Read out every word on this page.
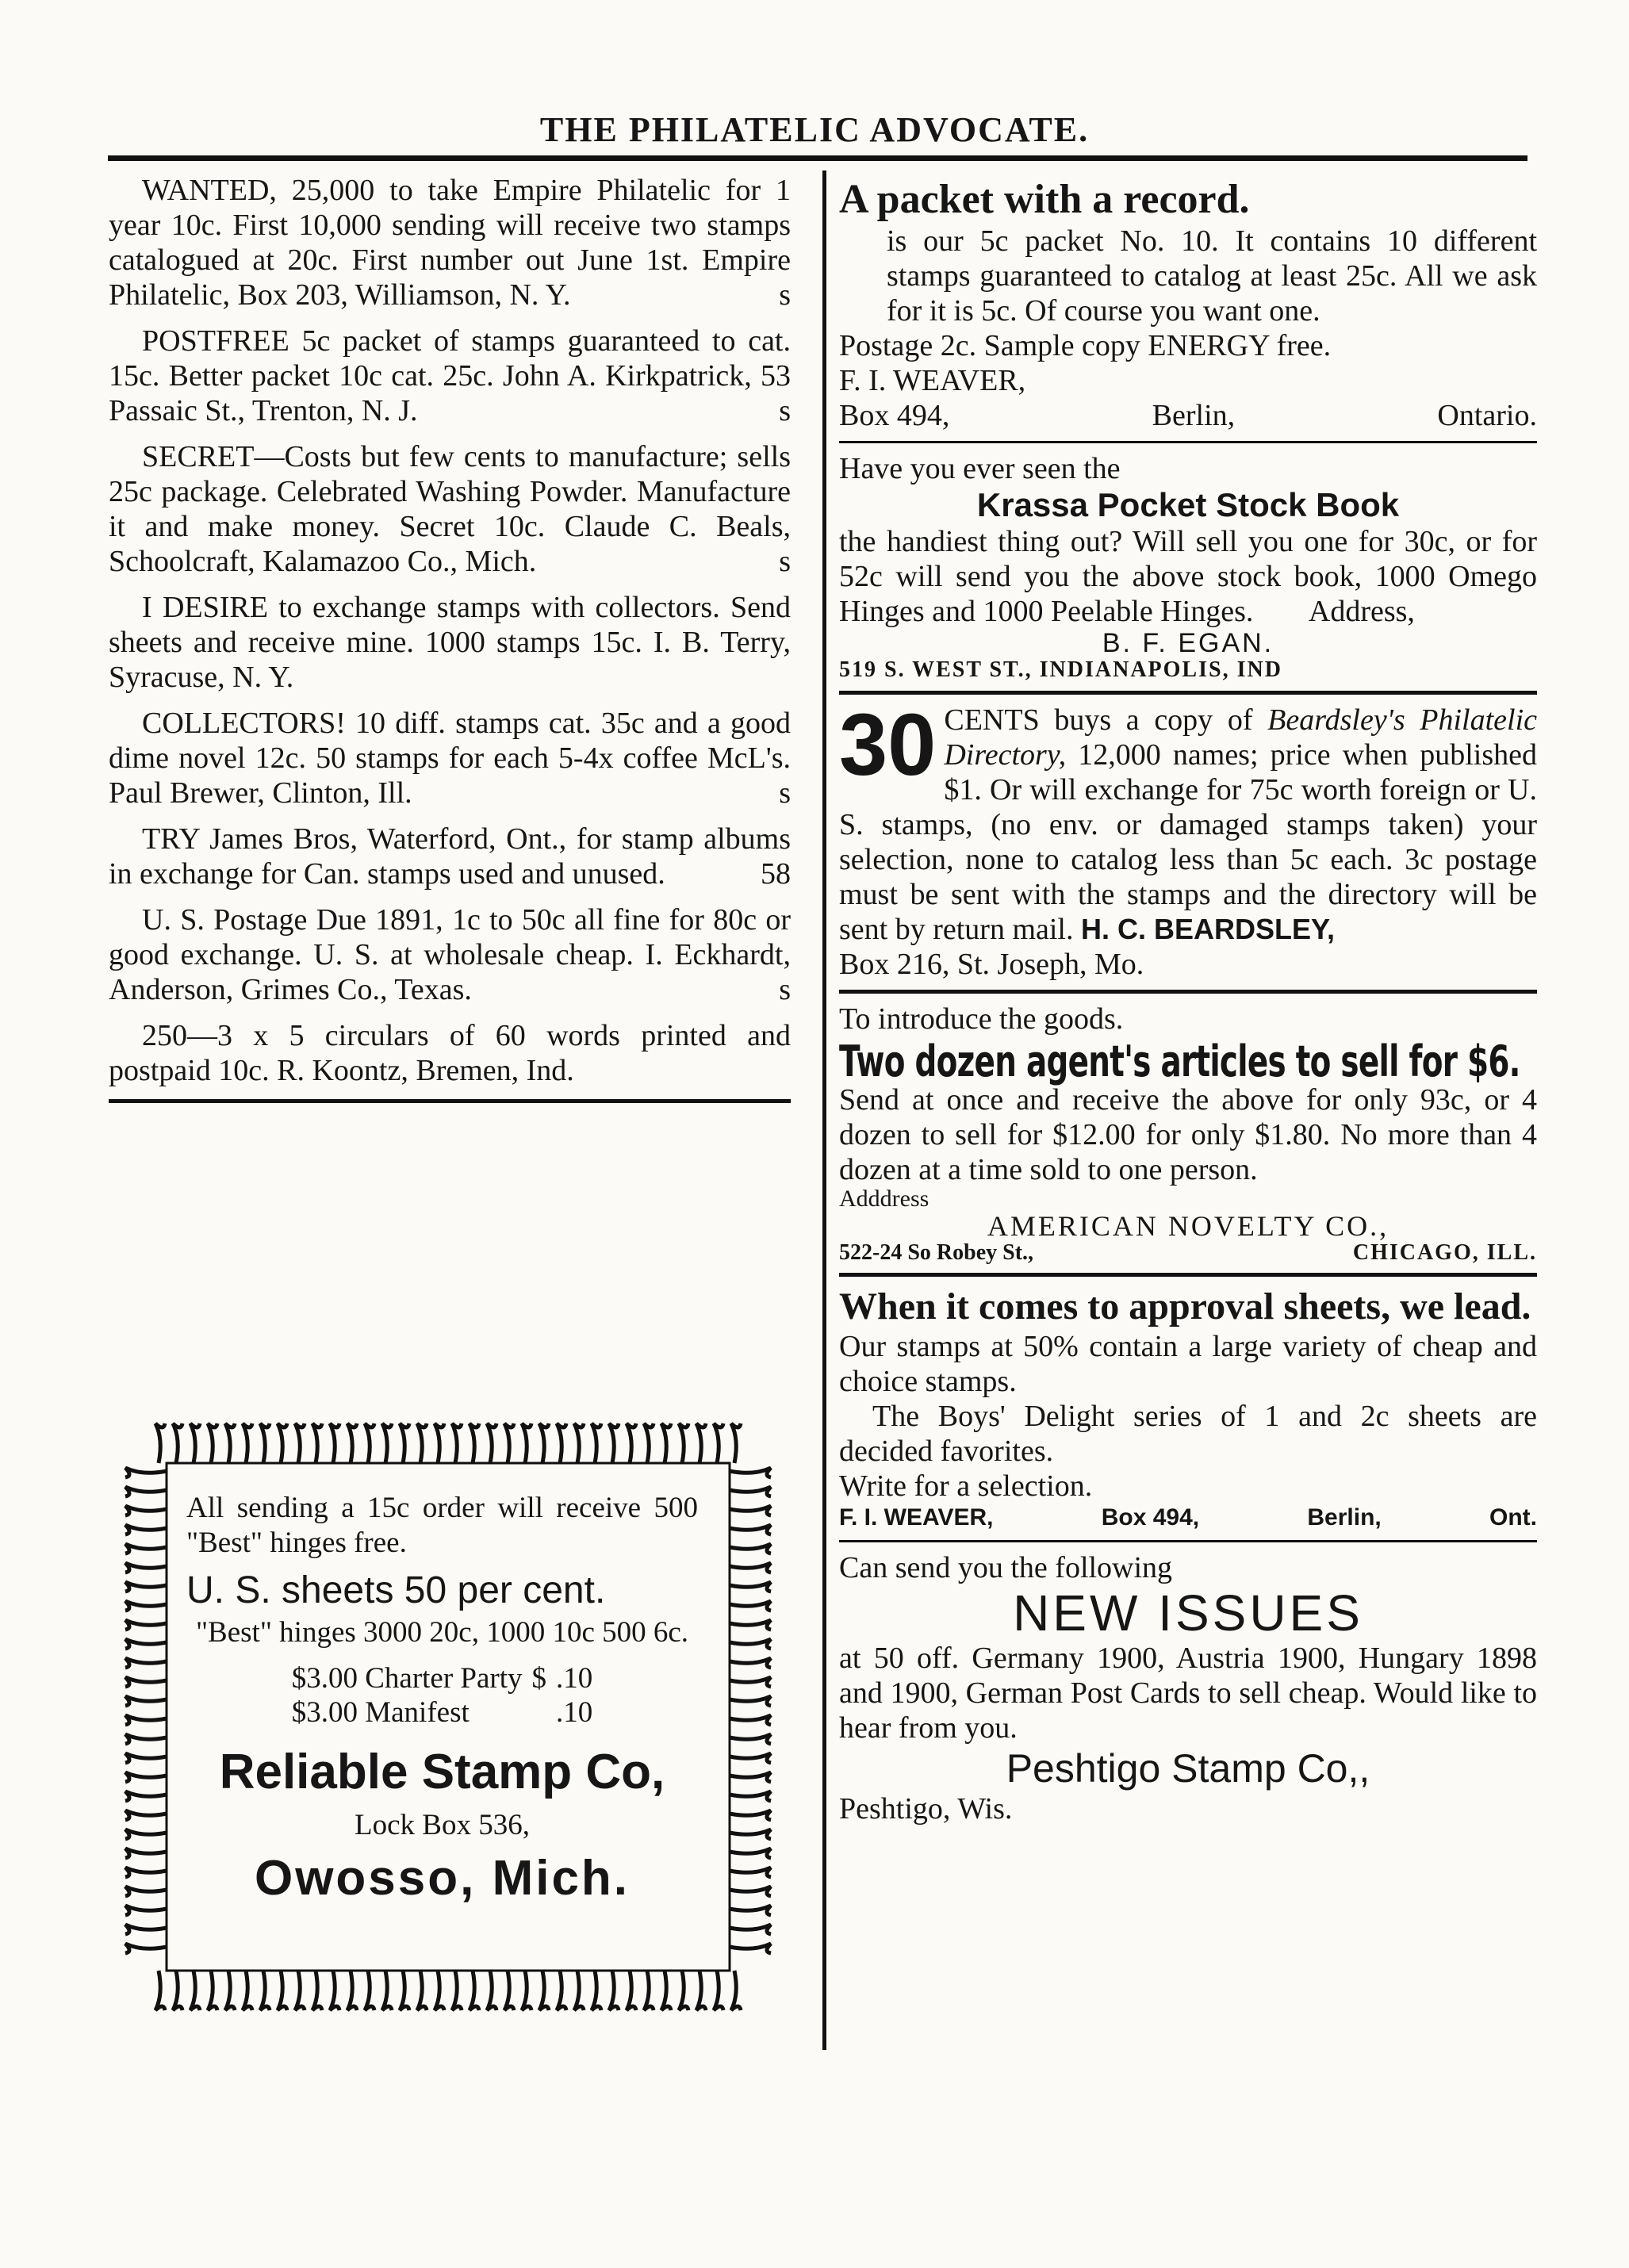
THE PHILATELIC ADVOCATE.
WANTED, 25,000 to take Empire Philatelic for 1 year 10c. First 10,000 sending will receive two stamps catalogued at 20c. First number out June 1st. Empire Philatelic, Box 203, Williamson, N. Y.	s
POSTFREE 5c packet of stamps guaranteed to cat. 15c. Better packet 10c cat. 25c. John A. Kirkpatrick, 53 Passaic St., Trenton, N. J.	s
SECRET—Costs but few cents to manufacture; sells 25c package. Celebrated Washing Powder. Manufacture it and make money. Secret 10c. Claude C. Beals, Schoolcraft, Kalamazoo Co., Mich.	s
I DESIRE to exchange stamps with collectors. Send sheets and receive mine. 1000 stamps 15c. I. B. Terry, Syracuse, N. Y.
COLLECTORS! 10 diff. stamps cat. 35c and a good dime novel 12c. 50 stamps for each 5-4x coffee McL's. Paul Brewer, Clinton, Ill.	s
TRY James Bros, Waterford, Ont., for stamp albums in exchange for Can. stamps used and unused.	58
U. S. Postage Due 1891, 1c to 50c all fine for 80c or good exchange. U. S. at wholesale cheap. I. Eckhardt, Anderson, Grimes Co., Texas.	s
250—3 x 5 circulars of 60 words printed and postpaid 10c. R. Koontz, Bremen, Ind.
All sending a 15c order will receive 500 "Best" hinges free.
U. S. sheets 50 per cent.
"Best" hinges 3000 20c, 1000 10c 500 6c.
$3.00 Charter Party	$	.10
$3.00 Manifest		.10
Reliable Stamp Co,
Lock Box 536,
Owosso, Mich.
A packet with a record.
is our 5c packet No. 10. It contains 10 different stamps guaranteed to catalog at least 25c. All we ask for it is 5c. Of course you want one.
Postage 2c. Sample copy ENERGY free.
F. I. WEAVER,
Box 494,	Berlin,	Ontario.
Have you ever seen the
Krassa Pocket Stock Book
the handiest thing out? Will sell you one for 30c, or for 52c will send you the above stock book, 1000 Omego Hinges and 1000 Peelable Hinges. Address,
B. F. EGAN.
519 S. WEST ST., INDIANAPOLIS, IND
30 CENTS buys a copy of Beardsley's Philatelic Directory, 12,000 names; price when published $1. Or will exchange for 75c worth foreign or U. S. stamps, (no env. or damaged stamps taken) your selection, none to catalog less than 5c each. 3c postage must be sent with the stamps and the directory will be sent by return mail. H. C. BEARDSLEY,
Box 216, St. Joseph, Mo.
To introduce the goods.
Two dozen agent's articles to sell for $6.
Send at once and receive the above for only 93c, or 4 dozen to sell for $12.00 for only $1.80. No more than 4 dozen at a time sold to one person.
Adddress
AMERICAN NOVELTY CO.,
522-24 So Robey St.,	CHICAGO, ILL.
When it comes to approval sheets, we lead.
Our stamps at 50% contain a large variety of cheap and choice stamps.
The Boys' Delight series of 1 and 2c sheets are decided favorites.
Write for a selection.
F. I. WEAVER,	Box 494,	Berlin,	Ont.
Can send you the following
NEW ISSUES
at 50 off. Germany 1900, Austria 1900, Hungary 1898 and 1900, German Post Cards to sell cheap. Would like to hear from you.
Peshtigo Stamp Co,,
Peshtigo, Wis.
